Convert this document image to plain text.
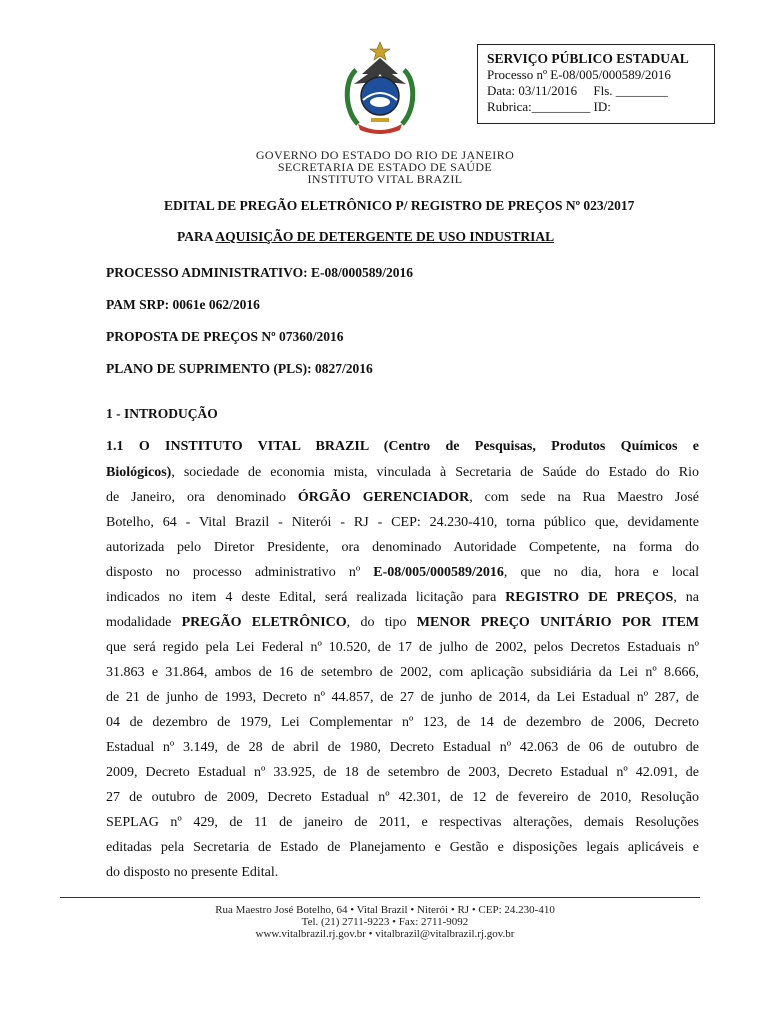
SERVIÇO PÚBLICO ESTADUAL
Processo nº E-08/005/000589/2016
Data: 03/11/2016     Fls. ________
Rubrica:_________ ID:
GOVERNO DO ESTADO DO RIO DE JANEIRO
SECRETARIA DE ESTADO DE SAÚDE
INSTITUTO VITAL BRAZIL
EDITAL DE PREGÃO ELETRÔNICO P/ REGISTRO DE PREÇOS Nº 023/2017
PARA AQUISIÇÃO DE DETERGENTE DE USO INDUSTRIAL
PROCESSO ADMINISTRATIVO: E-08/000589/2016
PAM SRP: 0061e 062/2016
PROPOSTA DE PREÇOS Nº 07360/2016
PLANO DE SUPRIMENTO (PLS): 0827/2016
1 - INTRODUÇÃO
1.1 O INSTITUTO VITAL BRAZIL (Centro de Pesquisas, Produtos Químicos e
Biológicos), sociedade de economia mista, vinculada à Secretaria de Saúde do Estado do Rio
de Janeiro, ora denominado ÓRGÃO GERENCIADOR, com sede na Rua Maestro José
Botelho, 64 - Vital Brazil - Niterói - RJ - CEP: 24.230-410, torna público que, devidamente
autorizada pelo Diretor Presidente, ora denominado Autoridade Competente, na forma do
disposto no processo administrativo nº E-08/005/000589/2016, que no dia, hora e local
indicados no item 4 deste Edital, será realizada licitação para REGISTRO DE PREÇOS, na
modalidade PREGÃO ELETRÔNICO, do tipo MENOR PREÇO UNITÁRIO POR ITEM
que será regido pela Lei Federal nº 10.520, de 17 de julho de 2002, pelos Decretos Estaduais nº
31.863 e 31.864, ambos de 16 de setembro de 2002, com aplicação subsidiária da Lei nº 8.666,
de 21 de junho de 1993, Decreto nº 44.857, de 27 de junho de 2014, da Lei Estadual nº 287, de
04 de dezembro de 1979, Lei Complementar nº 123, de 14 de dezembro de 2006, Decreto
Estadual nº 3.149, de 28 de abril de 1980, Decreto Estadual nº 42.063 de 06 de outubro de
2009, Decreto Estadual nº 33.925, de 18 de setembro de 2003, Decreto Estadual nº 42.091, de
27 de outubro de 2009, Decreto Estadual nº 42.301, de 12 de fevereiro de 2010, Resolução
SEPLAG nº 429, de 11 de janeiro de 2011, e respectivas alterações, demais Resoluções
editadas pela Secretaria de Estado de Planejamento e Gestão e disposições legais aplicáveis e
do disposto no presente Edital.
Rua Maestro José Botelho, 64 • Vital Brazil • Niterói • RJ • CEP: 24.230-410
Tel. (21) 2711-9223 • Fax: 2711-9092
www.vitalbrazil.rj.gov.br • vitalbrazil@vitalbrazil.rj.gov.br
